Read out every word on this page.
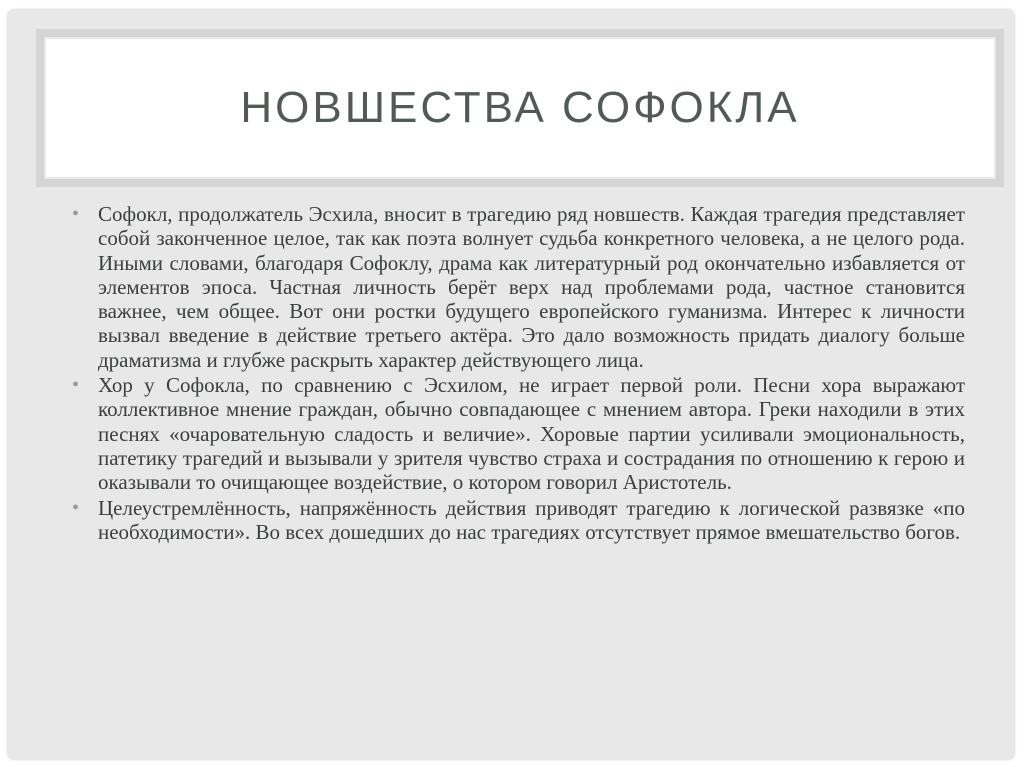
НОВШЕСТВА СОФОКЛА
• Софокл, продолжатель Эсхила, вносит в трагедию ряд новшеств. Каждая трагедия представляет собой законченное целое, так как поэта волнует судьба конкретного человека, а не целого рода. Иными словами, благодаря Софоклу, драма как литературный род окончательно избавляется от элементов эпоса. Частная личность берёт верх над проблемами рода, частное становится важнее, чем общее. Вот они ростки будущего европейского гуманизма. Интерес к личности вызвал введение в действие третьего актёра. Это дало возможность придать диалогу больше драматизма и глубже раскрыть характер действующего лица.
• Хор у Софокла, по сравнению с Эсхилом, не играет первой роли. Песни хора выражают коллективное мнение граждан, обычно совпадающее с мнением автора. Греки находили в этих песнях «очаровательную сладость и величие». Хоровые партии усиливали эмоциональность, патетику трагедий и вызывали у зрителя чувство страха и сострадания по отношению к герою и оказывали то очищающее воздействие, о котором говорил Аристотель.
• Целеустремлённость, напряжённость действия приводят трагедию к логической развязке «по необходимости». Во всех дошедших до нас трагедиях отсутствует прямое вмешательство богов.
